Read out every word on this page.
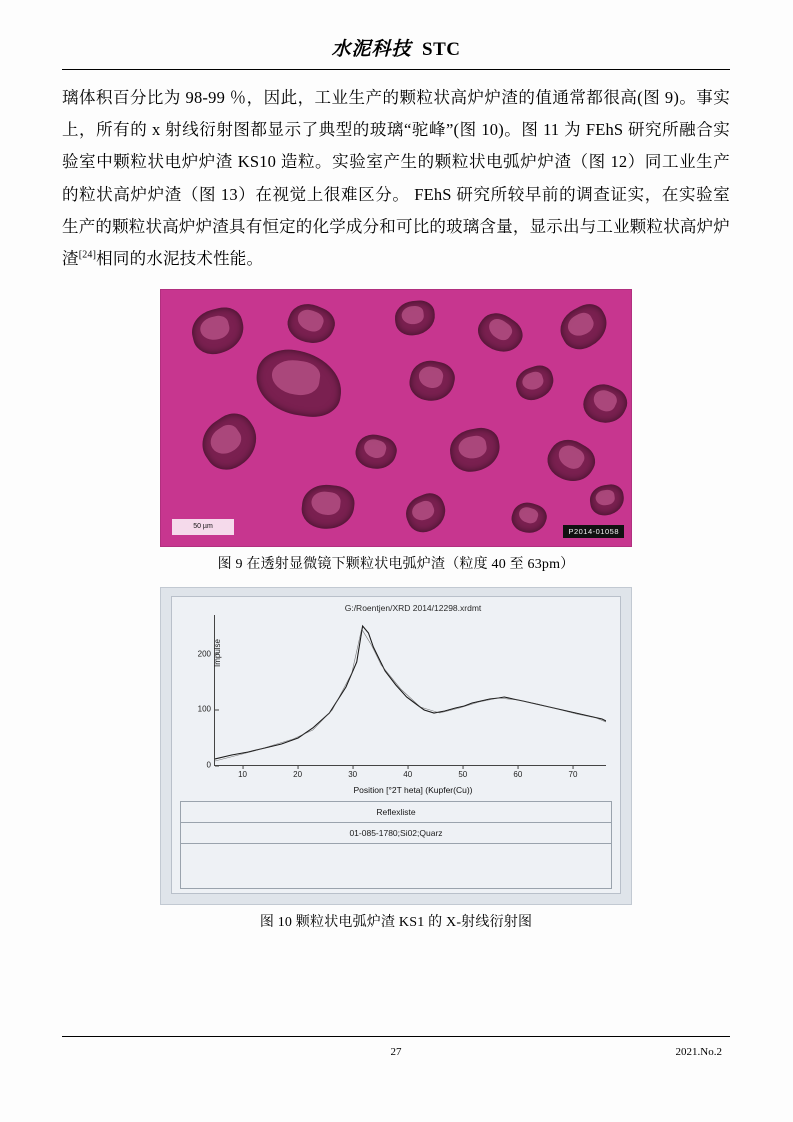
水泥科技 STC

璃体积百分比为 98-99 ％，因此，工业生产的颗粒状高炉炉渣的值通常都很高(图 9)。事实上，所有的 x 射线衍射图都显示了典型的玻璃“驼峰”(图 10)。图 11 为 FEhS 研究所融合实验室中颗粒状电炉炉渣 KS10 造粒。实验室产生的颗粒状电弧炉炉渣（图 12）同工业生产的粒状高炉炉渣（图 13）在视觉上很难区分。 FEhS 研究所较早前的调查证实，在实验室生产的颗粒状高炉炉渣具有恒定的化学成分和可比的玻璃含量，显示出与工业颗粒状高炉炉渣[24]相同的水泥技术性能。

50 µm
P2014-01058
图 9 在透射显微镜下颗粒状电弧炉渣（粒度 40 至 63pm）
G:/Roentjen/XRD 2014/12298.xrdmt
Impulse
0
100
200
10	20	30	40	50	60	70
Position [°2T heta] (Kupfer(Cu))
Reflexliste
01-085-1780;Si02;Quarz
图 10 颗粒状电弧炉渣 KS1 的 X-射线衍射图
27	2021.No.2
